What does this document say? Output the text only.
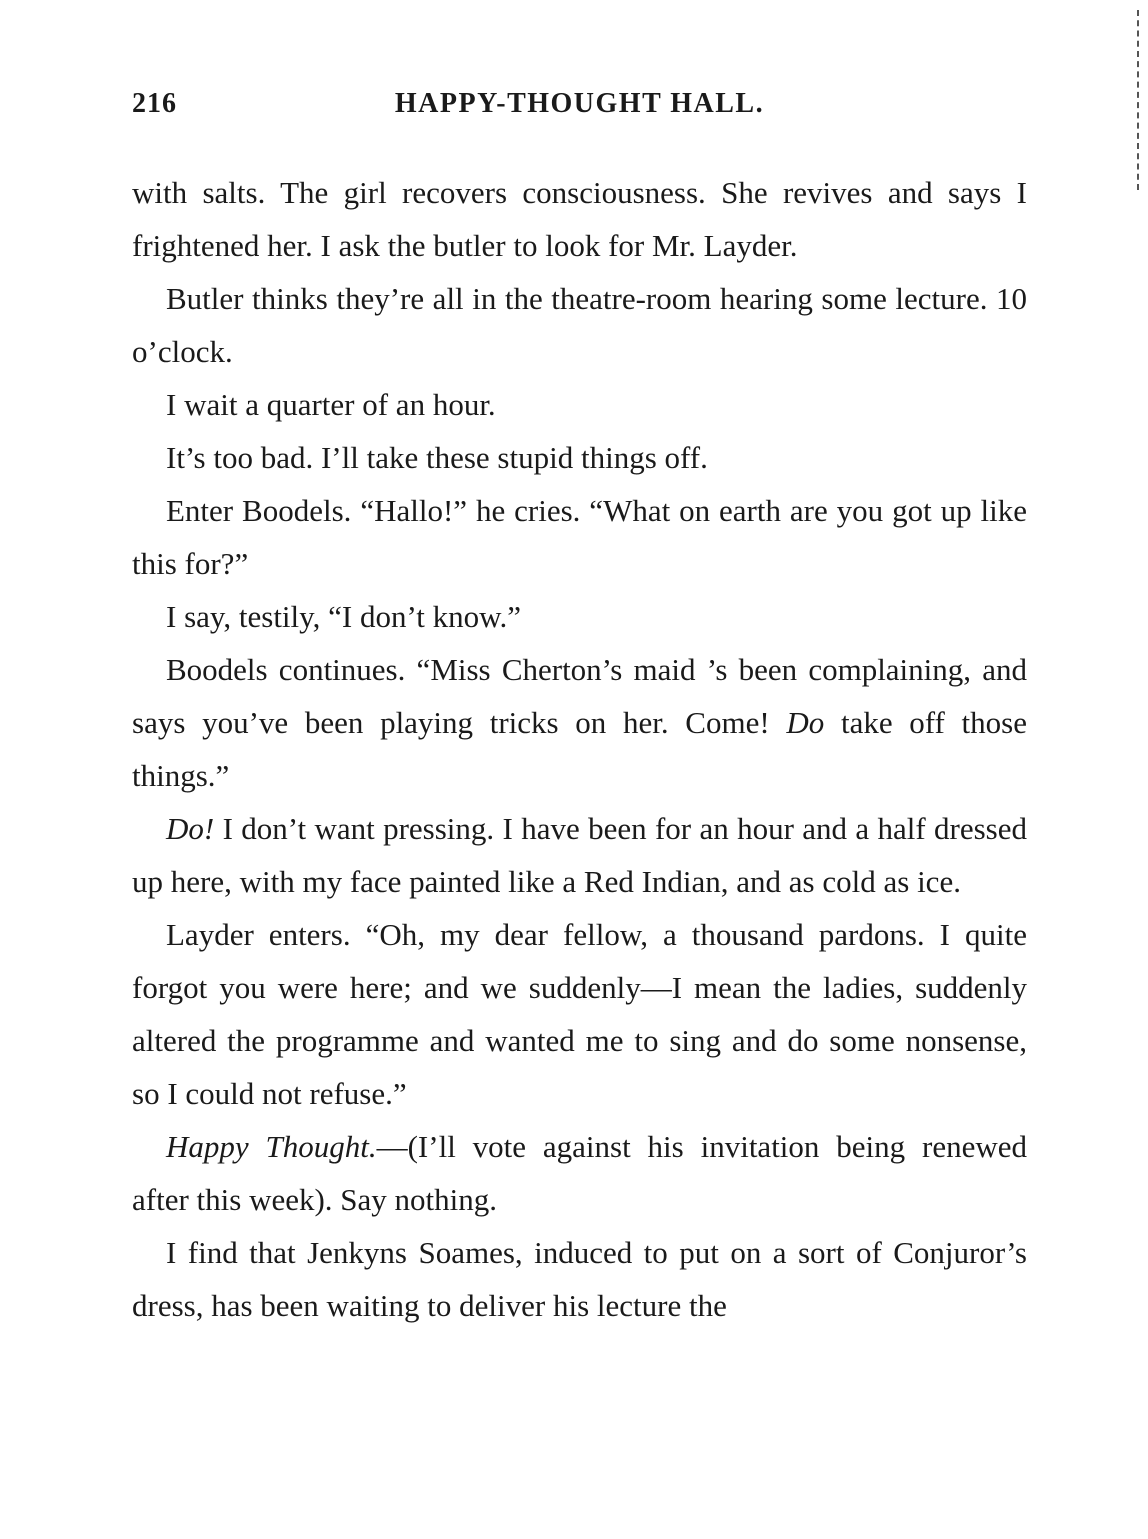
216	HAPPY-THOUGHT HALL.

with salts. The girl recovers consciousness. She revives and says I frightened her. I ask the butler to look for Mr. Layder.

Butler thinks they’re all in the theatre-room hearing some lecture. 10 o’clock.

I wait a quarter of an hour.

It’s too bad. I’ll take these stupid things off.

Enter Boodels. “Hallo!” he cries. “What on earth are you got up like this for?”

I say, testily, “I don’t know.”

Boodels continues. “Miss Cherton’s maid ’s been complaining, and says you’ve been playing tricks on her. Come! Do take off those things.”

Do! I don’t want pressing. I have been for an hour and a half dressed up here, with my face painted like a Red Indian, and as cold as ice.

Layder enters. “Oh, my dear fellow, a thousand pardons. I quite forgot you were here; and we suddenly—I mean the ladies, suddenly altered the programme and wanted me to sing and do some nonsense, so I could not refuse.”

Happy Thought.—(I’ll vote against his invitation being renewed after this week). Say nothing.

I find that Jenkyns Soames, induced to put on a sort of Conjuror’s dress, has been waiting to deliver his lecture the
